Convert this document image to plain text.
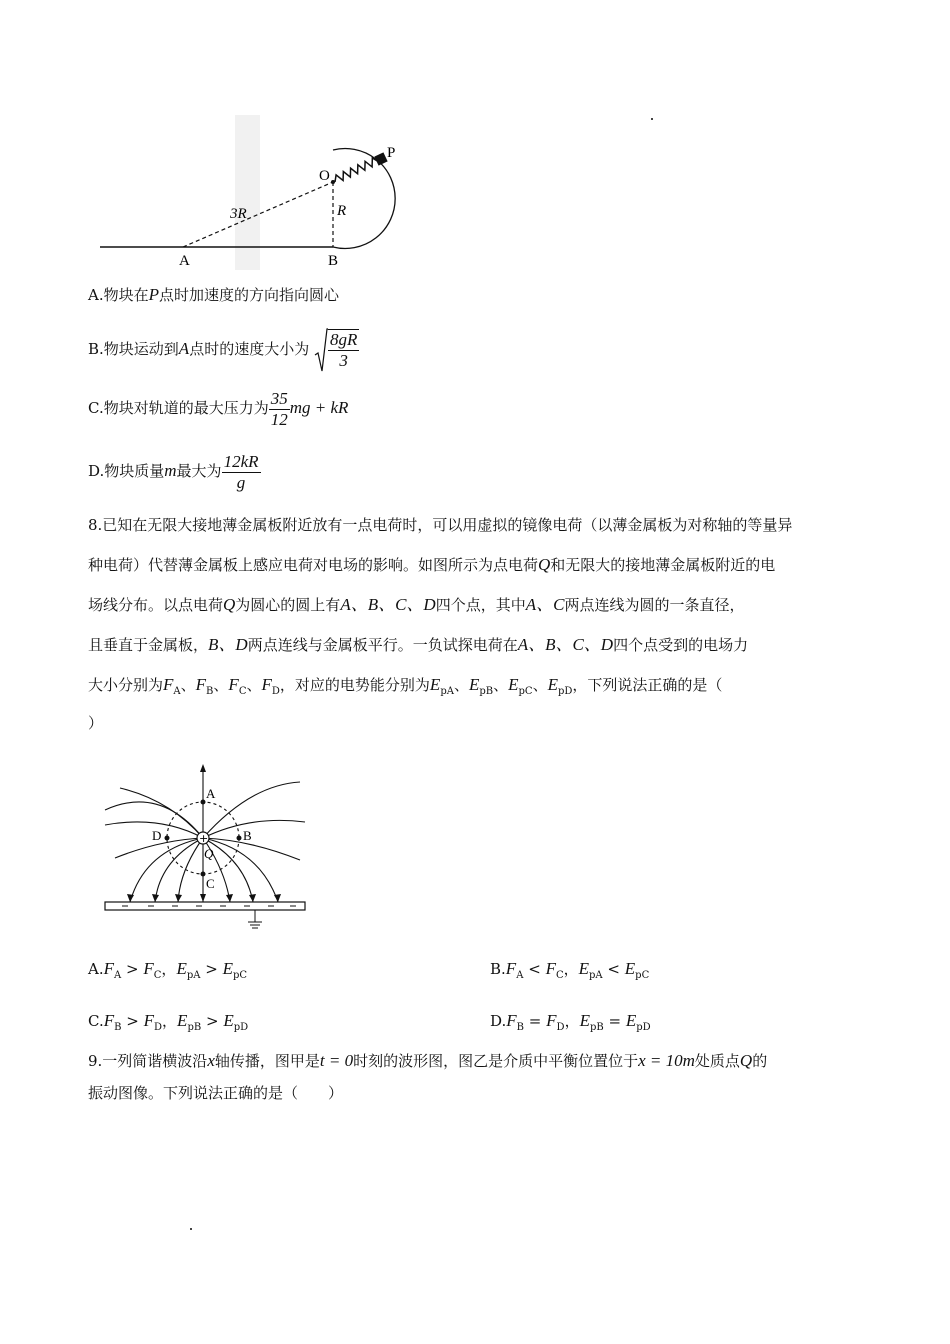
P
O
3R	R
A	B
A.物块在P点时加速度的方向指向圆心
B.物块运动到A点时的速度大小为 $\frac{8gR}{3}$
C.物块对轨道的最大压力为 $\frac{35}{12}$ mg + kR
D.物块质量m最大为 $\frac{12kR}{g}$

8.已知在无限大接地薄金属板附近放有一点电荷时，可以用虚拟的镜像电荷（以薄金属板为对称轴的等量异

种电荷）代替薄金属板上感应电荷对电场的影响。如图所示为点电荷Q和无限大的接地薄金属板附近的电

场线分布。以点电荷Q为圆心的圆上有A、B、C、D四个点，其中A、C两点连线为圆的一条直径，

且垂直于金属板，B、D两点连线与金属板平行。一负试探电荷在A、B、C、D四个点受到的电场力

大小分别为$F_A$、$F_B$、$F_C$、$F_D$，对应的电势能分别为$E_{pA}$、$E_{pB}$、$E_{pC}$、$E_{pD}$，下列说法正确的是（

）

+
A
B
C
D
Q
$A.F_A > F_C$，$E_{pA} > E_{pC}$	$B.F_A < F_C$，$E_{pA} < E_{pC}$
$C.F_B > F_D$，$E_{pB} > E_{pD}$	$D.F_B = F_D$，$E_{pB} = E_{pD}$

9.一列简谐横波沿x轴传播，图甲是t = 0时刻的波形图，图乙是介质中平衡位置位于x = 10m处质点Q的

振动图像。下列说法正确的是（　　）
